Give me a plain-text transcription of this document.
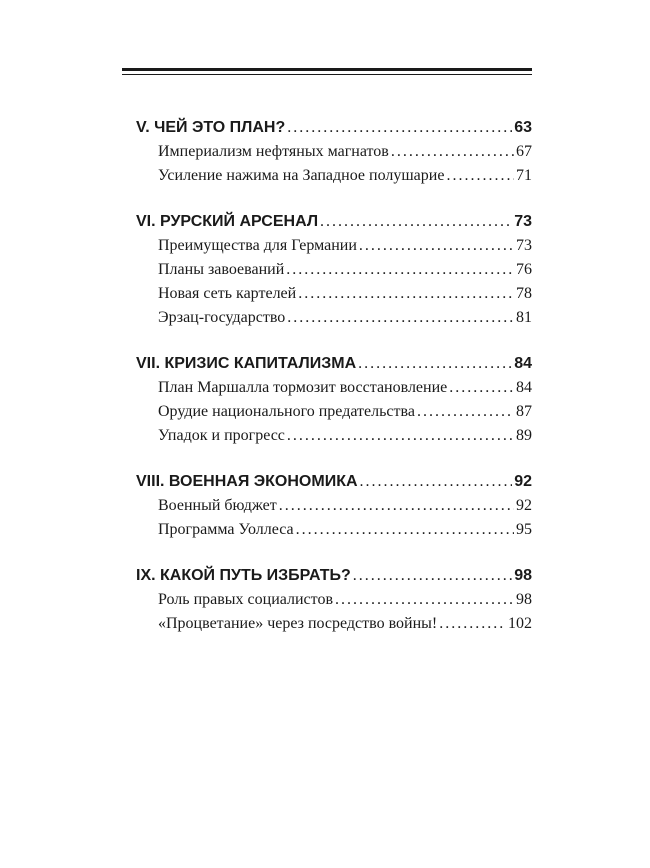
V. ЧЕЙ ЭТО ПЛАН? . . .	63
Империализм нефтяных магнатов . . .	67
Усиление нажима на Западное полушарие . . .	71
VI. РУРСКИЙ АРСЕНАЛ . . .	73
Преимущества для Германии . . .	73
Планы завоеваний . . .	76
Новая сеть картелей . . .	78
Эрзац-государство . . .	81
VII. КРИЗИС КАПИТАЛИЗМА . . .	84
План Маршалла тормозит восстановление . . .	84
Орудие национального предательства . . .	87
Упадок и прогресс . . .	89
VIII. ВОЕННАЯ ЭКОНОМИКА . . .	92
Военный бюджет . . .	92
Программа Уоллеса . . .	95
IX. КАКОЙ ПУТЬ ИЗБРАТЬ? . . .	98
Роль правых социалистов . . .	98
«Процветание» через посредство войны! . . .	102
